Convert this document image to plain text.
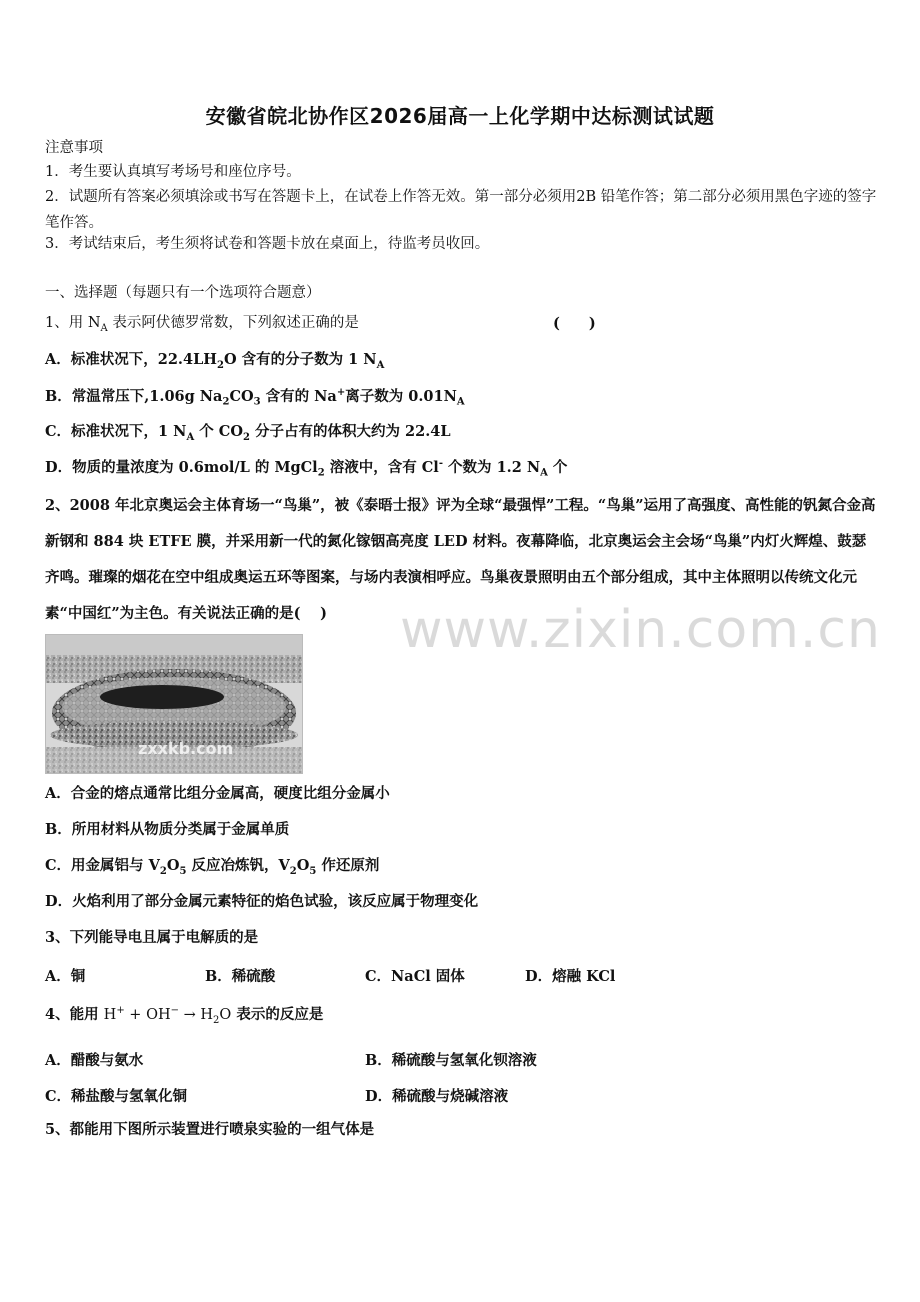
安徽省皖北协作区2026届高一上化学期中达标测试试题
注意事项
1．考生要认真填写考场号和座位序号。
2．试题所有答案必须填涂或书写在答题卡上，在试卷上作答无效。第一部分必须用2B 铅笔作答；第二部分必须用黑色字迹的签字笔作答。
3．考试结束后，考生须将试卷和答题卡放在桌面上，待监考员收回。
一、选择题（每题只有一个选项符合题意）
1、用 $N_A$ 表示阿伏德罗常数，下列叙述正确的是	(　　)
A．标准状况下，$22.4LH_2O$ 含有的分子数为 1 $N_A$
B．常温常压下,1.06g $Na_2CO_3$ 含有的 Na+离子数为 $0.01N_A$
C．标准状况下，1 $N_A$ 个 $CO_2$ 分子占有的体积大约为 22.4L
D．物质的量浓度为 0.6mol/L 的 MgCl$_2$ 溶液中，含有 Cl- 个数为 1.2 $N_A$ 个
2、2008 年北京奥运会主体育场一“鸟巢”，被《泰晤士报》评为全球“最强悍”工程。“鸟巢”运用了高强度、高性能的钒氮合金高新钢和 884 块 ETFE 膜，并采用新一代的氮化镓铟高亮度 LED 材料。夜幕降临，北京奥运会主会场“鸟巢”内灯火辉煌、鼓瑟齐鸣。璀璨的烟花在空中组成奥运五环等图案，与场内表演相呼应。鸟巢夜景照明由五个部分组成，其中主体照明以传统文化元素“中国红”为主色。有关说法正确的是(　 )	www.zixin.com.cn
zxxkb.com
A．合金的熔点通常比组分金属高，硬度比组分金属小
B．所用材料从物质分类属于金属单质
C．用金属铝与 $V_2O_5$ 反应冶炼钒，$V_2O_5$ 作还原剂
D．火焰利用了部分金属元素特征的焰色试验，该反应属于物理变化
3、下列能导电且属于电解质的是
A．铜	B．稀硫酸	C．NaCl 固体	D．熔融 KCl
4、能用 $H^+ + OH^- \to H_2O$ 表示的反应是
A．醋酸与氨水	B．稀硫酸与氢氧化钡溶液
C．稀盐酸与氢氧化铜	D．稀硫酸与烧碱溶液
5、都能用下图所示装置进行喷泉实验的一组气体是
